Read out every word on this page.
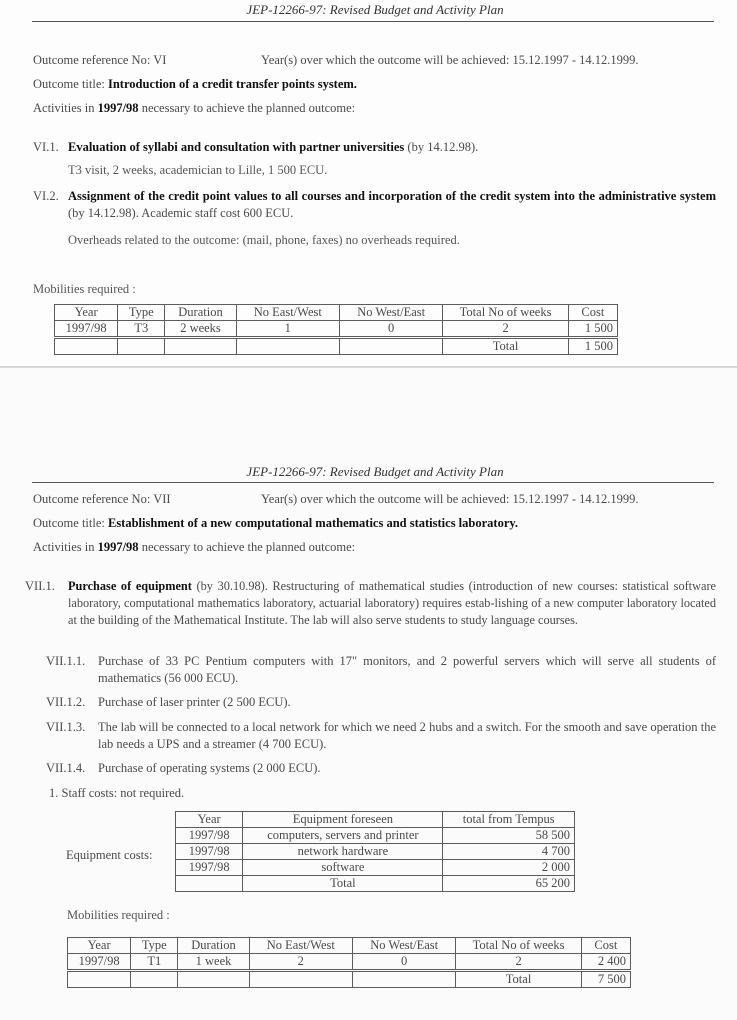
JEP-12266-97: Revised Budget and Activity Plan
Outcome reference No: VI	Year(s) over which the outcome will be achieved: 15.12.1997 - 14.12.1999.
Outcome title: Introduction of a credit transfer points system.
Activities in 1997/98 necessary to achieve the planned outcome:
VI.1. Evaluation of syllabi and consultation with partner universities (by 14.12.98).
T3 visit, 2 weeks, academician to Lille, 1 500 ECU.
VI.2. Assignment of the credit point values to all courses and incorporation of the credit system into the administrative system (by 14.12.98). Academic staff cost 600 ECU.
Overheads related to the outcome: (mail, phone, faxes) no overheads required.
Mobilities required :
Year	Type	Duration	No East/West	No West/East	Total No of weeks	Cost
1997/98	T3	2 weeks	1	0	2	1 500
					Total	1 500
JEP-12266-97: Revised Budget and Activity Plan
Outcome reference No: VII	Year(s) over which the outcome will be achieved: 15.12.1997 - 14.12.1999.
Outcome title: Establishment of a new computational mathematics and statistics laboratory.
Activities in 1997/98 necessary to achieve the planned outcome:
VII.1. Purchase of equipment (by 30.10.98). Restructuring of mathematical studies (introduction of new courses: statistical software laboratory, computational mathematics laboratory, actuarial laboratory) requires estab-lishing of a new computer laboratory located at the building of the Mathematical Institute. The lab will also serve students to study language courses.
VII.1.1. Purchase of 33 PC Pentium computers with 17" monitors, and 2 powerful servers which will serve all students of mathematics (56 000 ECU).
VII.1.2. Purchase of laser printer (2 500 ECU).
VII.1.3. The lab will be connected to a local network for which we need 2 hubs and a switch. For the smooth and save operation the lab needs a UPS and a streamer (4 700 ECU).
VII.1.4. Purchase of operating systems (2 000 ECU).
1. Staff costs: not required.
Equipment costs:
Year	Equipment foreseen	total from Tempus
1997/98	computers, servers and printer	58 500
1997/98	network hardware	4 700
1997/98	software	2 000
	Total	65 200
Mobilities required :
Year	Type	Duration	No East/West	No West/East	Total No of weeks	Cost
1997/98	T1	1 week	2	0	2	2 400
					Total	7 500
